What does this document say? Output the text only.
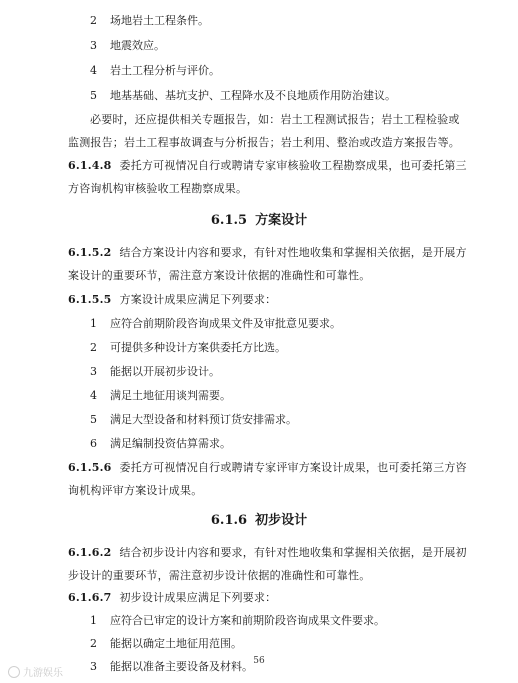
2 场地岩土工程条件。
3 地震效应。
4 岩土工程分析与评价。
5 地基基础、基坑支护、工程降水及不良地质作用防治建议。
必要时，还应提供相关专题报告，如：岩土工程测试报告；岩土工程检验或
监测报告；岩土工程事故调查与分析报告；岩土利用、整治或改造方案报告等。
6.1.4.8 委托方可视情况自行或聘请专家审核验收工程勘察成果，也可委托第三
方咨询机构审核验收工程勘察成果。
6.1.5 方案设计
6.1.5.2 结合方案设计内容和要求，有针对性地收集和掌握相关依据，是开展方
案设计的重要环节，需注意方案设计依据的准确性和可靠性。
6.1.5.5 方案设计成果应满足下列要求：
1 应符合前期阶段咨询成果文件及审批意见要求。
2 可提供多种设计方案供委托方比选。
3 能据以开展初步设计。
4 满足土地征用谈判需要。
5 满足大型设备和材料预订货安排需求。
6 满足编制投资估算需求。
6.1.5.6 委托方可视情况自行或聘请专家评审方案设计成果，也可委托第三方咨
询机构评审方案设计成果。
6.1.6 初步设计
6.1.6.2 结合初步设计内容和要求，有针对性地收集和掌握相关依据，是开展初
步设计的重要环节，需注意初步设计依据的准确性和可靠性。
6.1.6.7 初步设计成果应满足下列要求：
1 应符合已审定的设计方案和前期阶段咨询成果文件要求。
2 能据以确定土地征用范围。
3 能据以准备主要设备及材料。 56
九游娱乐
